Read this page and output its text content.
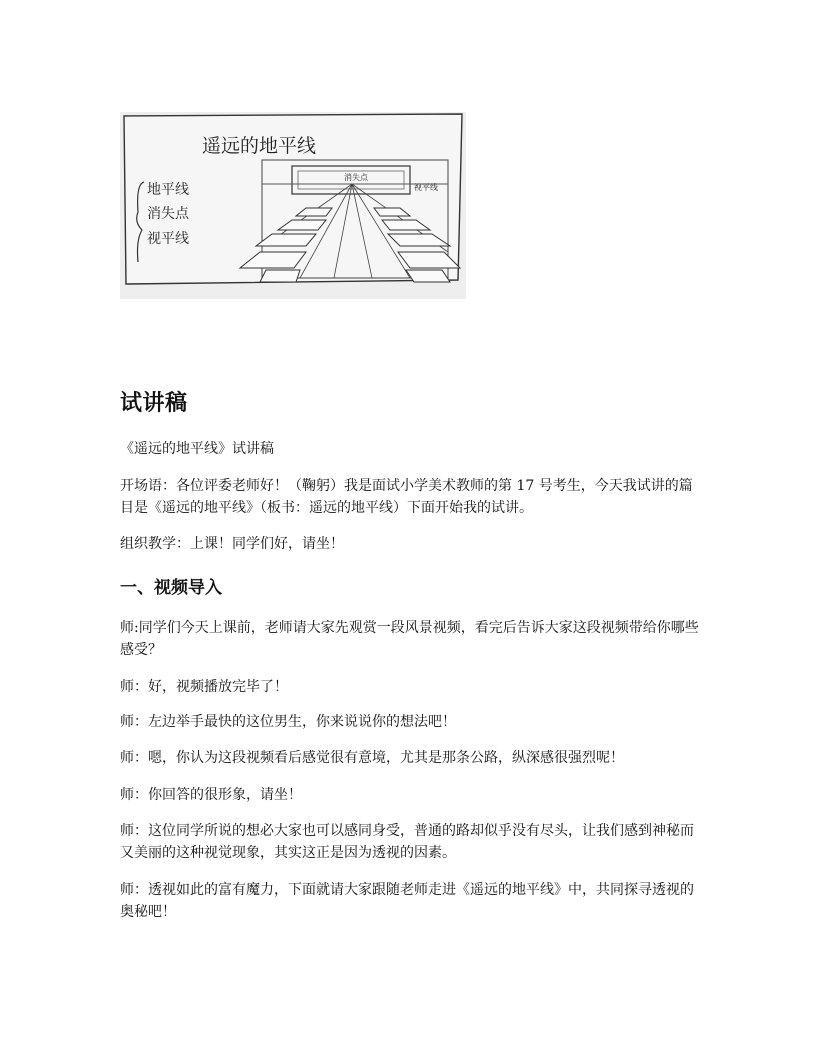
遥远的地平线
地平线
消失点
视平线
视平线
消失点
试讲稿
《遥远的地平线》试讲稿
开场语：各位评委老师好！（鞠躬）我是面试小学美术教师的第 17 号考生，今天我试讲的篇目是《遥远的地平线》（板书：遥远的地平线）下面开始我的试讲。
组织教学：上课！同学们好，请坐！
一、视频导入
师:同学们今天上课前，老师请大家先观赏一段风景视频，看完后告诉大家这段视频带给你哪些感受？
师：好，视频播放完毕了！
师：左边举手最快的这位男生，你来说说你的想法吧！
师：嗯，你认为这段视频看后感觉很有意境，尤其是那条公路，纵深感很强烈呢！
师：你回答的很形象，请坐！
师：这位同学所说的想必大家也可以感同身受，普通的路却似乎没有尽头，让我们感到神秘而又美丽的这种视觉现象，其实这正是因为透视的因素。
师：透视如此的富有魔力，下面就请大家跟随老师走进《遥远的地平线》中，共同探寻透视的奥秘吧！
